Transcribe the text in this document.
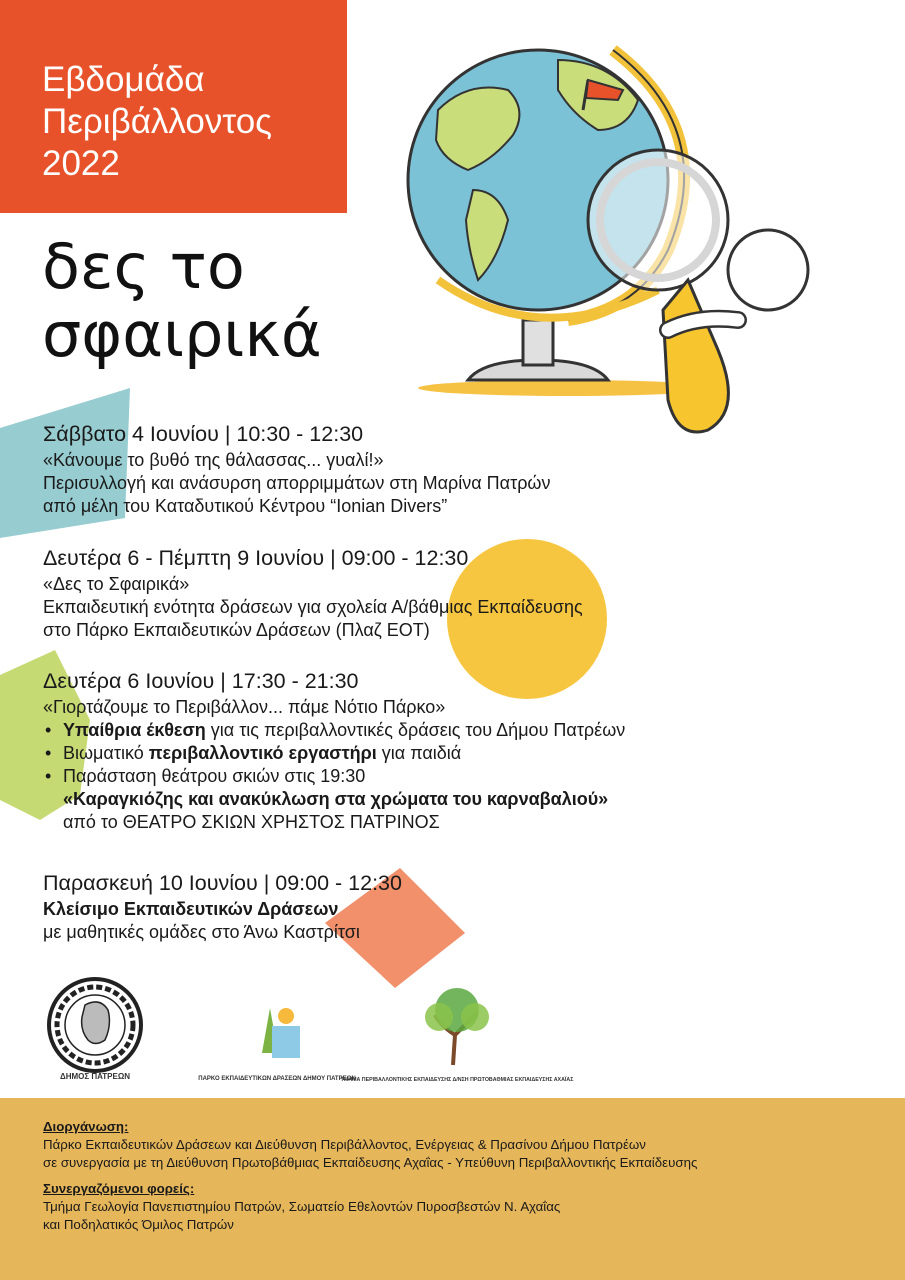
Εβδομάδα
Περιβάλλοντος
2022
δες το
σφαιρικά
Σάββατο 4 Ιουνίου | 10:30 - 12:30
«Κάνουμε το βυθό της θάλασσας... γυαλί!»
Περισυλλογή και ανάσυρση απορριμμάτων στη Μαρίνα Πατρών
από μέλη του Καταδυτικού Κέντρου “Ionian Divers”
Δευτέρα 6 - Πέμπτη 9 Ιουνίου | 09:00 - 12:30
«Δες το Σφαιρικά»
Εκπαιδευτική ενότητα δράσεων για σχολεία Α/βάθμιας Εκπαίδευσης
στο Πάρκο Εκπαιδευτικών Δράσεων (Πλαζ ΕΟΤ)
Δευτέρα 6 Ιουνίου | 17:30 - 21:30
«Γιορτάζουμε το Περιβάλλον... πάμε Νότιο Πάρκο»
• Υπαίθρια έκθεση για τις περιβαλλοντικές δράσεις του Δήμου Πατρέων
• Βιωματικό περιβαλλοντικό εργαστήρι για παιδιά
• Παράσταση θεάτρου σκιών στις 19:30
«Καραγκιόζης και ανακύκλωση στα χρώματα του καρναβαλιού»
από το ΘΕΑΤΡΟ ΣΚΙΩΝ ΧΡΗΣΤΟΣ ΠΑΤΡΙΝΟΣ
Παρασκευή 10 Ιουνίου | 09:00 - 12:30
Κλείσιμο Εκπαιδευτικών Δράσεων
με μαθητικές ομάδες στο Άνω Καστρίτσι
ΔΗΜΟΣ ΠΑΤΡΕΩΝ	ΠΑΡΚΟ ΕΚΠΑΙΔΕΥΤΙΚΩΝ ΔΡΑΣΕΩΝ ΔΗΜΟΥ ΠΑΤΡΕΩΝ
ΤΜΗΜΑ ΠΕΡΙΒΑΛΛΟΝΤΙΚΗΣ ΕΚΠΑΙΔΕΥΣΗΣ Δ/ΝΣΗ ΠΡΩΤΟΒΑΘΜΙΑΣ ΕΚΠΑΙΔΕΥΣΗΣ ΑΧΑΪΑΣ
Διοργάνωση:
Πάρκο Εκπαιδευτικών Δράσεων και Διεύθυνση Περιβάλλοντος, Ενέργειας & Πρασίνου Δήμου Πατρέων
σε συνεργασία με τη Διεύθυνση Πρωτοβάθμιας Εκπαίδευσης Αχαΐας - Υπεύθυνη Περιβαλλοντικής Εκπαίδευσης
Συνεργαζόμενοι φορείς:
Τμήμα Γεωλογία Πανεπιστημίου Πατρών, Σωματείο Εθελοντών Πυροσβεστών Ν. Αχαΐας
και Ποδηλατικός Όμιλος Πατρών
